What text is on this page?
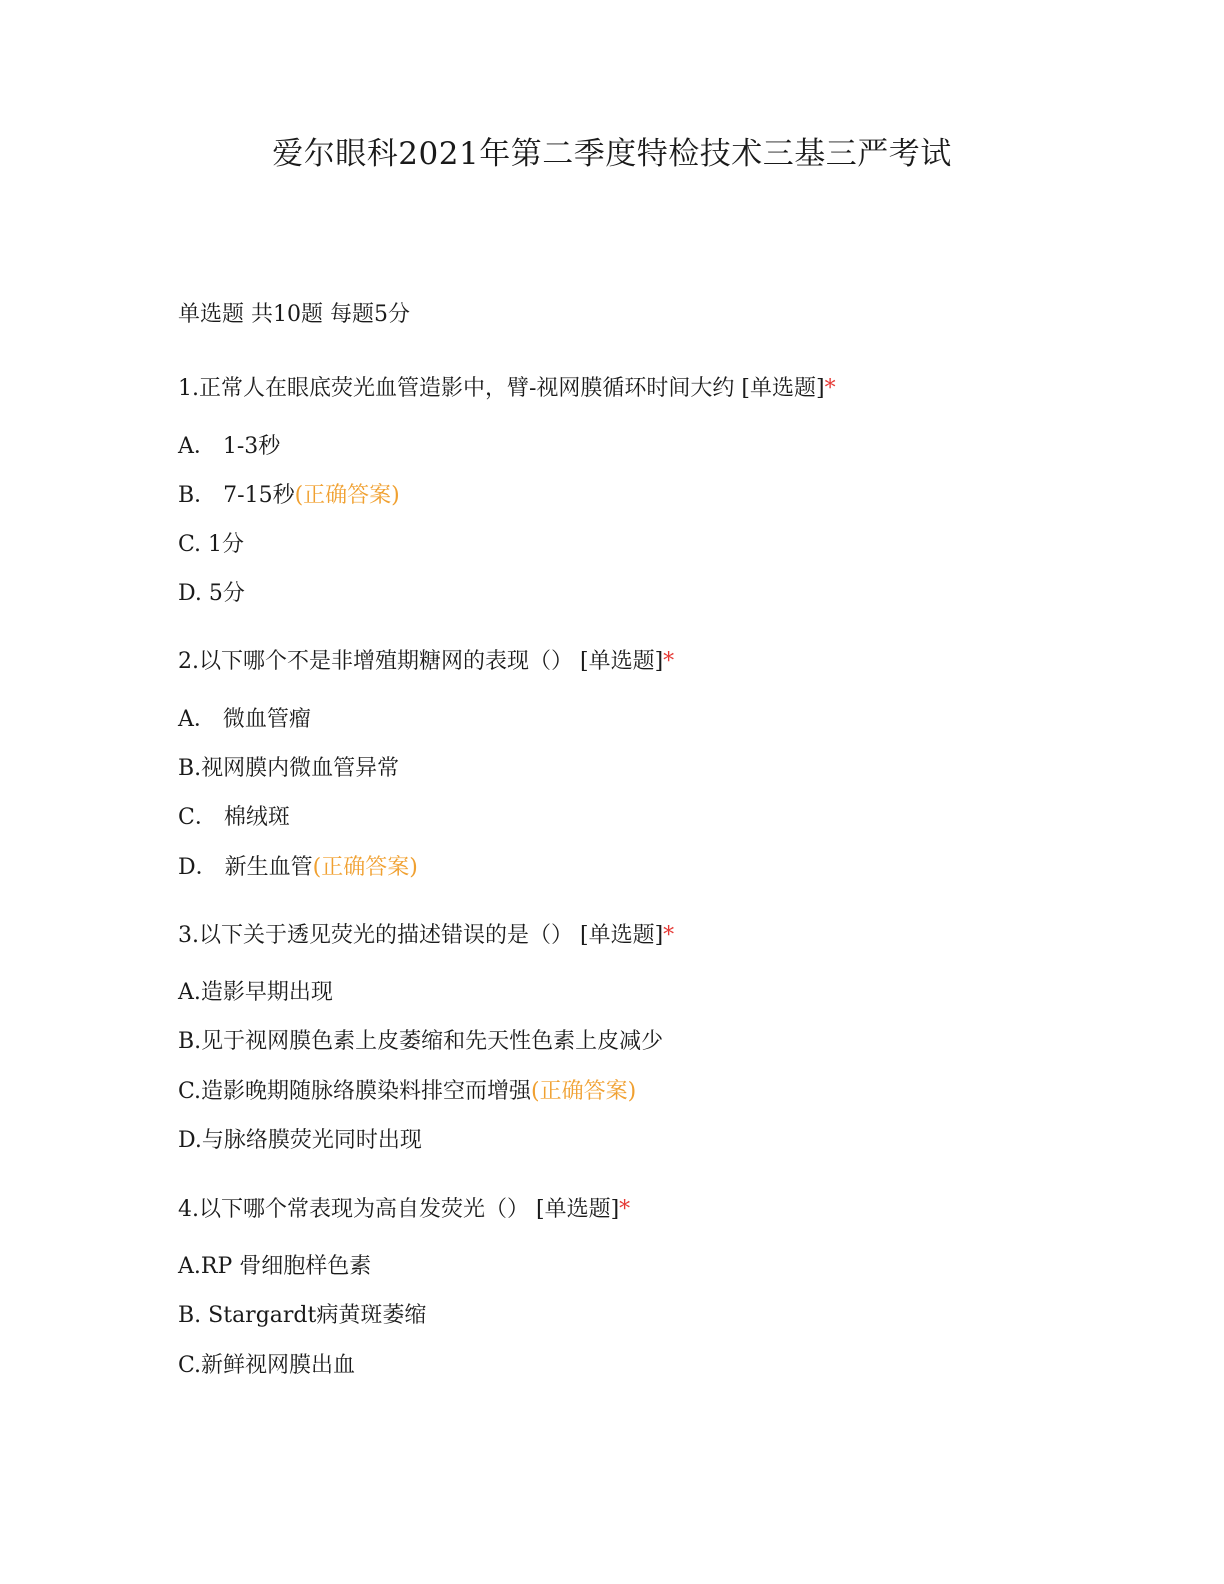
爱尔眼科2021年第二季度特检技术三基三严考试
单选题 共10题 每题5分
1.正常人在眼底荧光血管造影中，臂-视网膜循环时间大约 [单选题]*
A． 1-3秒
B． 7-15秒(正确答案)
C. 1分
D. 5分
2.以下哪个不是非增殖期糖网的表现（） [单选题]*
A． 微血管瘤
B.视网膜内微血管异常
C． 棉绒斑
D． 新生血管(正确答案)
3.以下关于透见荧光的描述错误的是（） [单选题]*
A.造影早期出现
B.见于视网膜色素上皮萎缩和先天性色素上皮减少
C.造影晚期随脉络膜染料排空而增强(正确答案)
D.与脉络膜荧光同时出现
4.以下哪个常表现为高自发荧光（） [单选题]*
A.RP 骨细胞样色素
B. Stargardt病黄斑萎缩
C.新鲜视网膜出血
